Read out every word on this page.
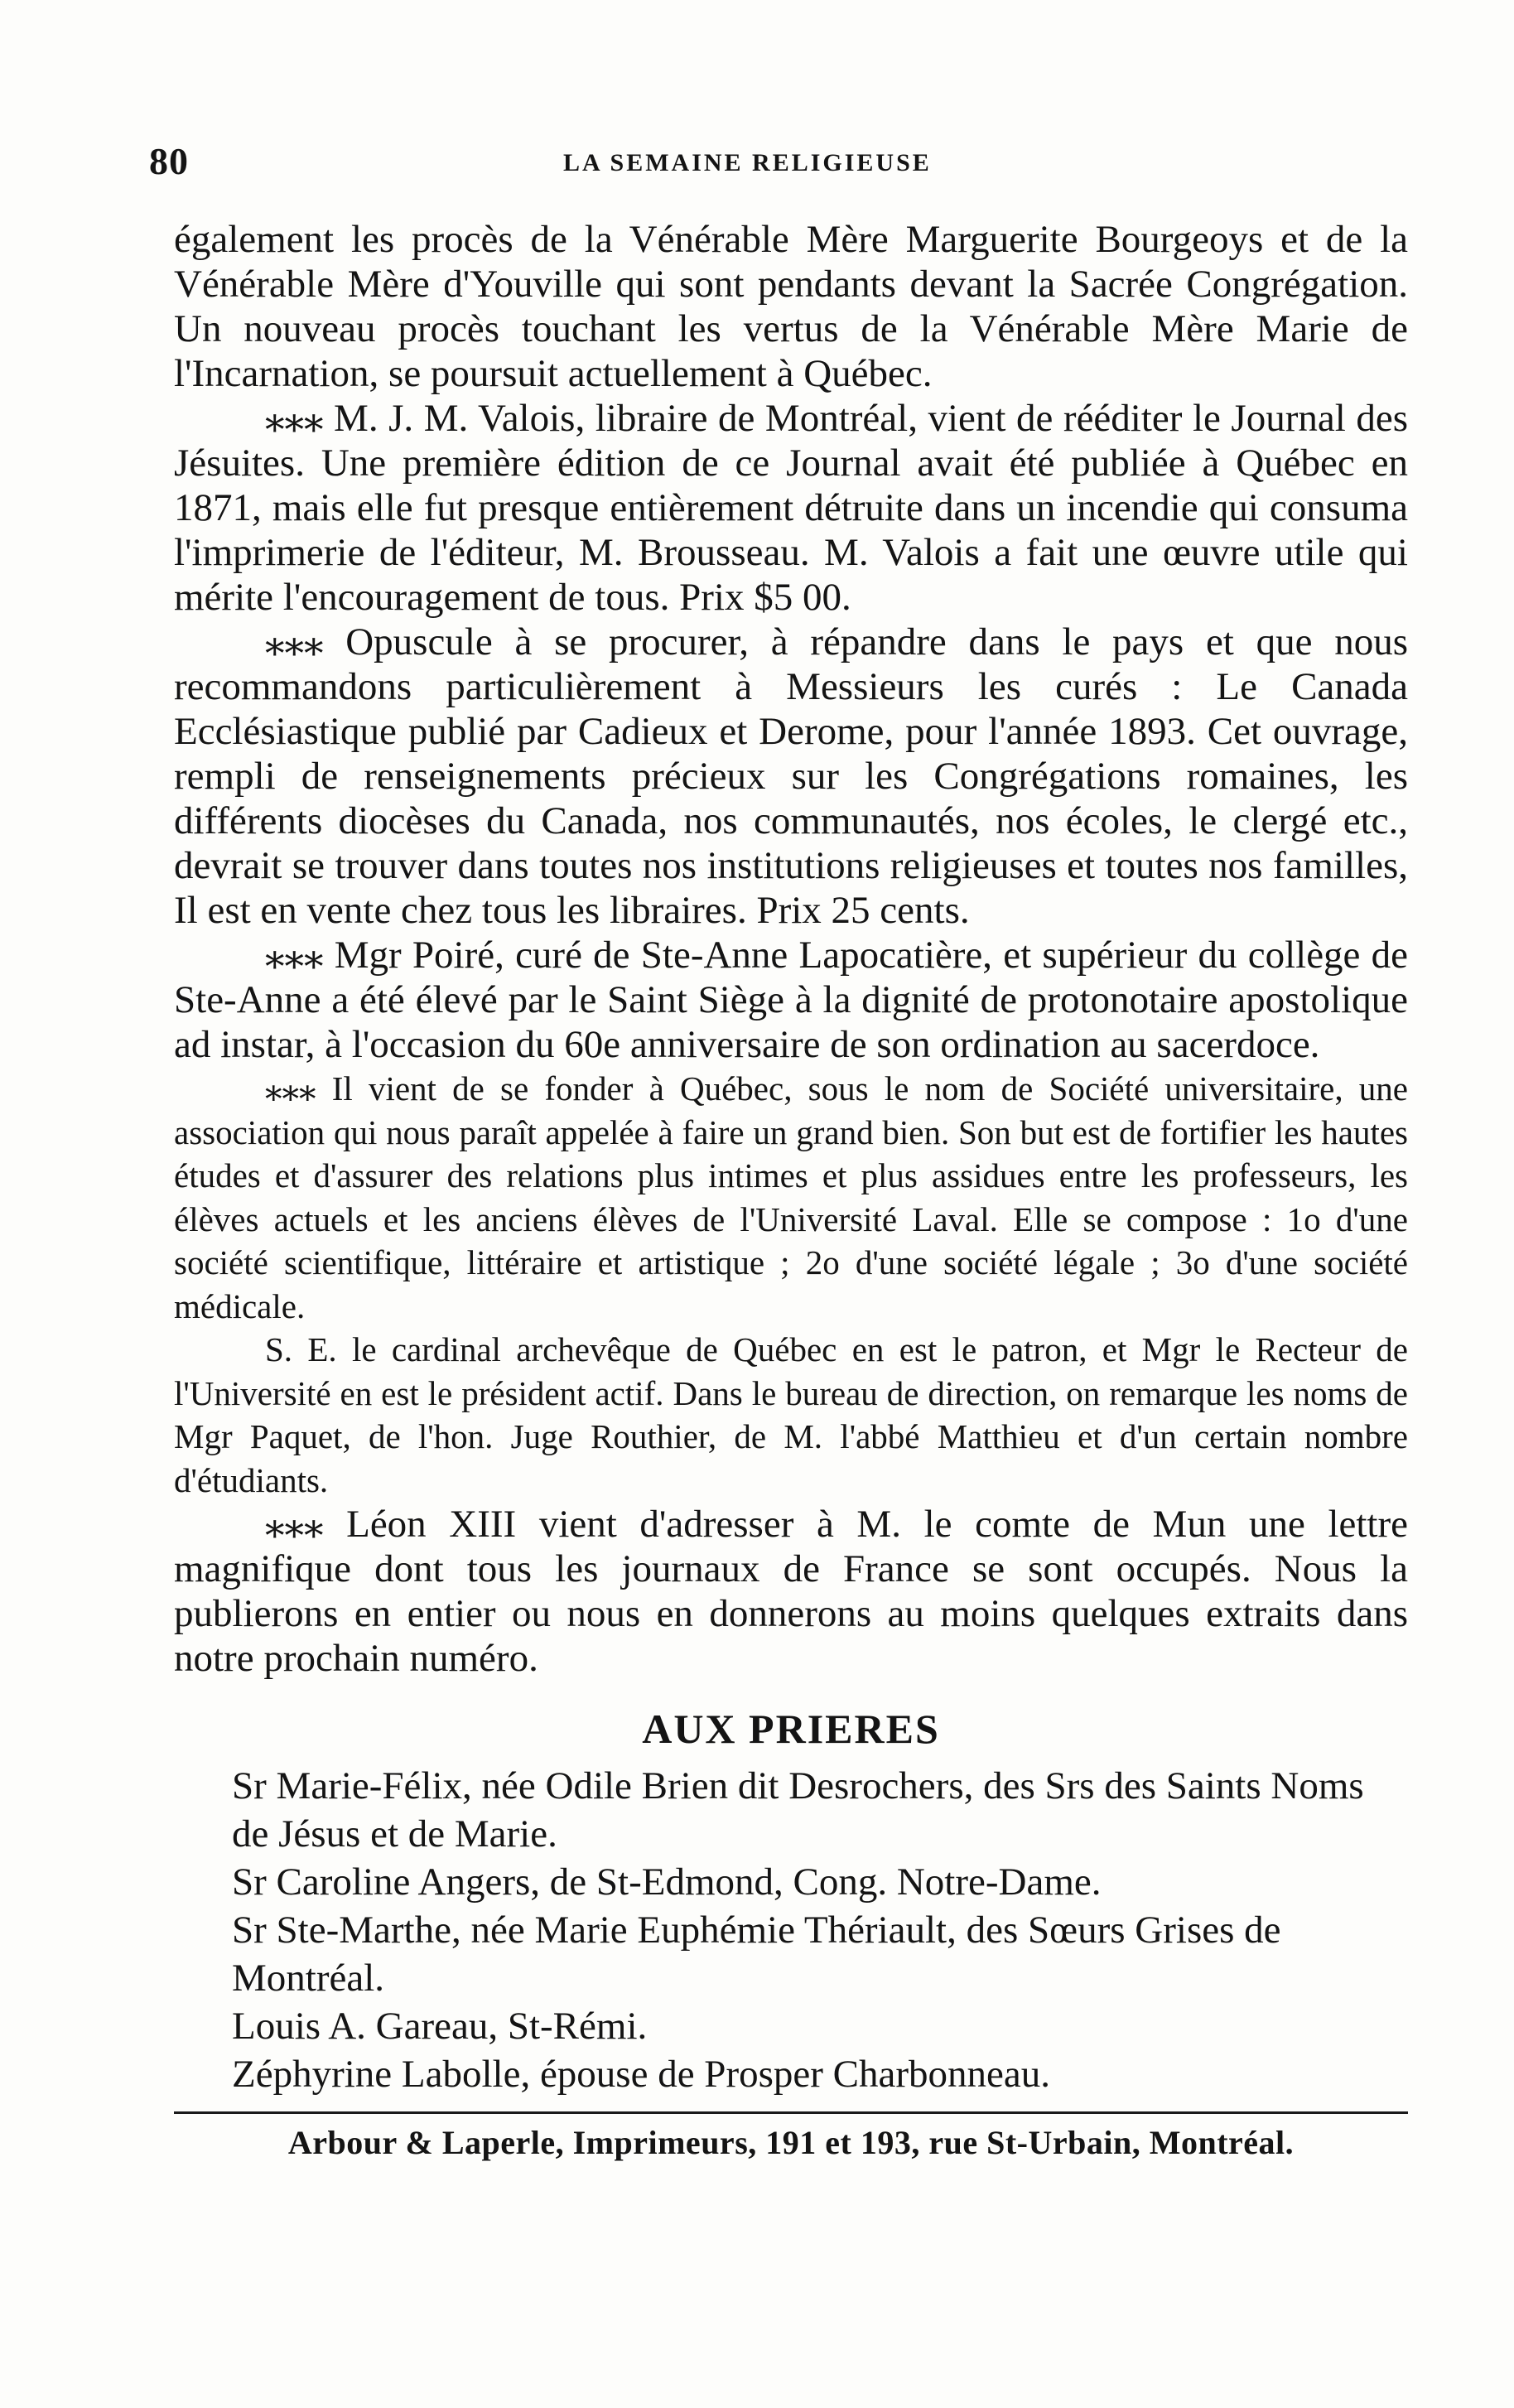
80	LA SEMAINE RELIGIEUSE

également les procès de la Vénérable Mère Marguerite Bourgeoys et de la Vénérable Mère d'Youville qui sont pendants devant la Sacrée Congrégation. Un nouveau procès touchant les vertus de la Vénérable Mère Marie de l'Incarnation, se poursuit actuellement à Québec.

⁎⁎⁎ M. J. M. Valois, libraire de Montréal, vient de rééditer le Journal des Jésuites. Une première édition de ce Journal avait été publiée à Québec en 1871, mais elle fut presque entièrement détruite dans un incendie qui consuma l'imprimerie de l'éditeur, M. Brousseau. M. Valois a fait une œuvre utile qui mérite l'encouragement de tous. Prix $5 00.

⁎⁎⁎ Opuscule à se procurer, à répandre dans le pays et que nous recommandons particulièrement à Messieurs les curés : Le Canada Ecclésiastique publié par Cadieux et Derome, pour l'année 1893. Cet ouvrage, rempli de renseignements précieux sur les Congrégations romaines, les différents diocèses du Canada, nos communautés, nos écoles, le clergé etc., devrait se trouver dans toutes nos institutions religieuses et toutes nos familles, Il est en vente chez tous les libraires. Prix 25 cents.

⁎⁎⁎ Mgr Poiré, curé de Ste-Anne Lapocatière, et supérieur du collège de Ste-Anne a été élevé par le Saint Siège à la dignité de protonotaire apostolique ad instar, à l'occasion du 60e anniversaire de son ordination au sacerdoce.

⁎⁎⁎ Il vient de se fonder à Québec, sous le nom de Société universitaire, une association qui nous paraît appelée à faire un grand bien. Son but est de fortifier les hautes études et d'assurer des relations plus intimes et plus assidues entre les professeurs, les élèves actuels et les anciens élèves de l'Université Laval. Elle se compose : 1o d'une société scientifique, littéraire et artistique ; 2o d'une société légale ; 3o d'une société médicale.

S. E. le cardinal archevêque de Québec en est le patron, et Mgr le Recteur de l'Université en est le président actif. Dans le bureau de direction, on remarque les noms de Mgr Paquet, de l'hon. Juge Routhier, de M. l'abbé Matthieu et d'un certain nombre d'étudiants.

⁎⁎⁎ Léon XIII vient d'adresser à M. le comte de Mun une lettre magnifique dont tous les journaux de France se sont occupés. Nous la publierons en entier ou nous en donnerons au moins quelques extraits dans notre prochain numéro.

AUX PRIERES

Sr Marie-Félix, née Odile Brien dit Desrochers, des Srs des Saints Noms de Jésus et de Marie.

Sr Caroline Angers, de St-Edmond, Cong. Notre-Dame.

Sr Ste-Marthe, née Marie Euphémie Thériault, des Sœurs Grises de Montréal.

Louis A. Gareau, St-Rémi.

Zéphyrine Labolle, épouse de Prosper Charbonneau.

Arbour & Laperle, Imprimeurs, 191 et 193, rue St-Urbain, Montréal.
